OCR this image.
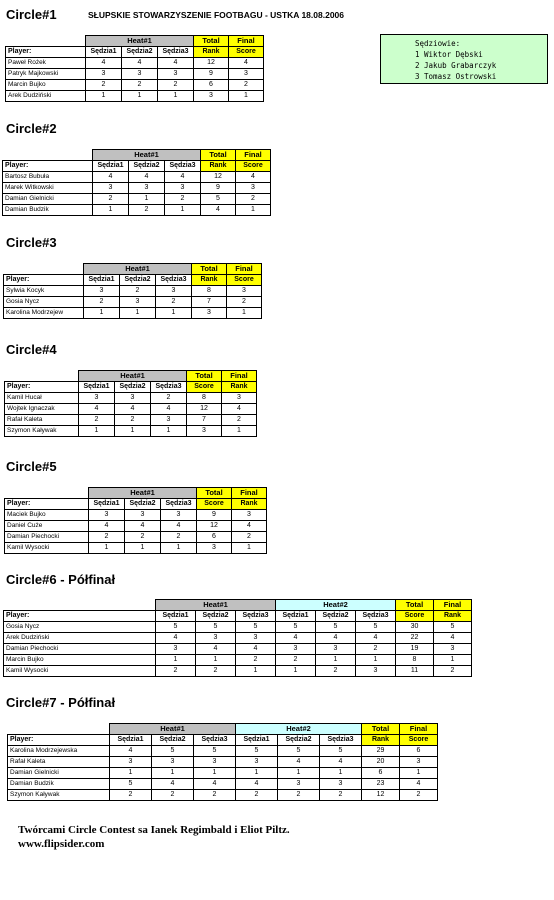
Circle#1	SŁUPSKIE STOWARZYSZENIE FOOTBAGU - USTKA 18.08.2006
Sędziowie:
1 Wiktor Dębski
2 Jakub Grabarczyk
3 Tomasz Ostrowski
Circle#2
Circle#3
Circle#4
Circle#5
Circle#6 - Półfinał
Circle#7 - Półfinał
	Heat#1			Total	Final
Player:	Sędzia1	Sędzia2	Sędzia3	Rank	Score
Paweł Rożek	4	4	4	12	4
Patryk Majkowski	3	3	3	9	3
Marcin Bujko	2	2	2	6	2
Arek Dudziński	1	1	1	3	1
	Heat#1			Total	Final
Player:	Sędzia1	Sędzia2	Sędzia3	Rank	Score
Bartosz Bubuła	4	4	4	12	4
Marek Witkowski	3	3	3	9	3
Damian Gielnicki	2	1	2	5	2
Damian Budzik	1	2	1	4	1
	Heat#1			Total	Final
Player:	Sędzia1	Sędzia2	Sędzia3	Rank	Score
Sylwia Kocyk	3	2	3	8	3
Gosia Nycz	2	3	2	7	2
Karolina Modrzejew	1	1	1	3	1
	Heat#1			Total	Final
Player:	Sędzia1	Sędzia2	Sędzia3	Score	Rank
Kamil Hucał	3	3	2	8	3
Wojtek Ignaczak	4	4	4	12	4
Rafał Kaleta	2	2	3	7	2
Szymon Kaływak	1	1	1	3	1
	Heat#1			Total	Final
Player:	Sędzia1	Sędzia2	Sędzia3	Score	Rank
Maciek Bujko	3	3	3	9	3
Daniel Cuże	4	4	4	12	4
Damian Piechocki	2	2	2	6	2
Kamil Wysocki	1	1	1	3	1
	Heat#1			Heat#2			Total	Final
Player:	Sędzia1	Sędzia2	Sędzia3	Sędzia1	Sędzia2	Sędzia3	Score	Rank
Gosia Nycz	5	5	5	5	5	5	30	5
Arek Dudziński	4	3	3	4	4	4	22	4
Damian Piechocki	3	4	4	3	3	2	19	3
Marcin Bujko	1	1	2	2	1	1	8	1
Kamil Wysocki	2	2	1	1	2	3	11	2
	Heat#1			Heat#2			Total	Final
Player:	Sędzia1	Sędzia2	Sędzia3	Sędzia1	Sędzia2	Sędzia3	Rank	Score
Karolina Modrzejewska	4	5	5	5	5	5	29	6
Rafał Kaleta	3	3	3	3	4	4	20	3
Damian Gielnicki	1	1	1	1	1	1	6	1
Damian Budzik	5	4	4	4	3	3	23	4
Szymon Kaływak	2	2	2	2	2	2	12	2
Twórcami Circle Contest sa Ianek Regimbald i Eliot Piltz.
www.flipsider.com
